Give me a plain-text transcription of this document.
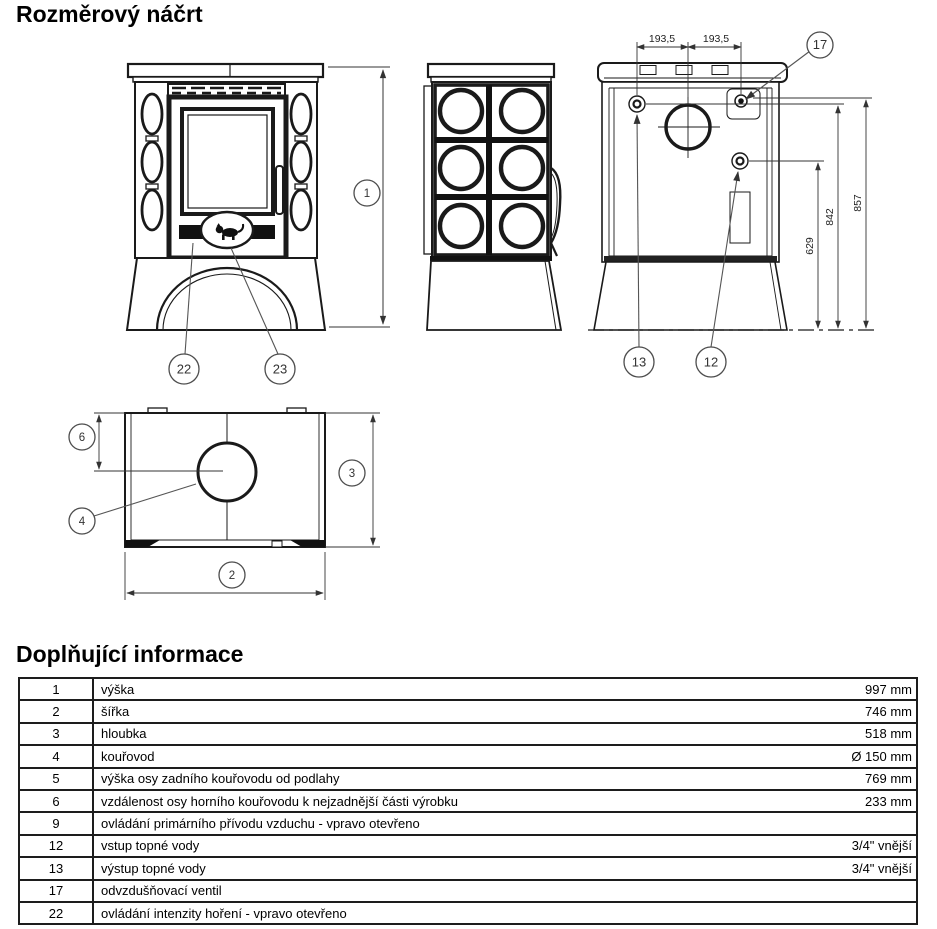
Rozměrový náčrt
1
22	23
193,5	193,5
629
842
857
17
13	12
6
4
3
2
Doplňující informace
1	výška	997 mm
2	šířka	746 mm
3	hloubka	518 mm
4	kouřovod	Ø 150 mm
5	výška osy zadního kouřovodu od podlahy	769 mm
6	vzdálenost osy horního kouřovodu k nejzadnější části výrobku	233 mm
9	ovládání primárního přívodu vzduchu - vpravo otevřeno
12	vstup topné vody	3/4" vnější
13	výstup topné vody	3/4" vnější
17	odvzdušňovací ventil
22	ovládání intenzity hoření - vpravo otevřeno
